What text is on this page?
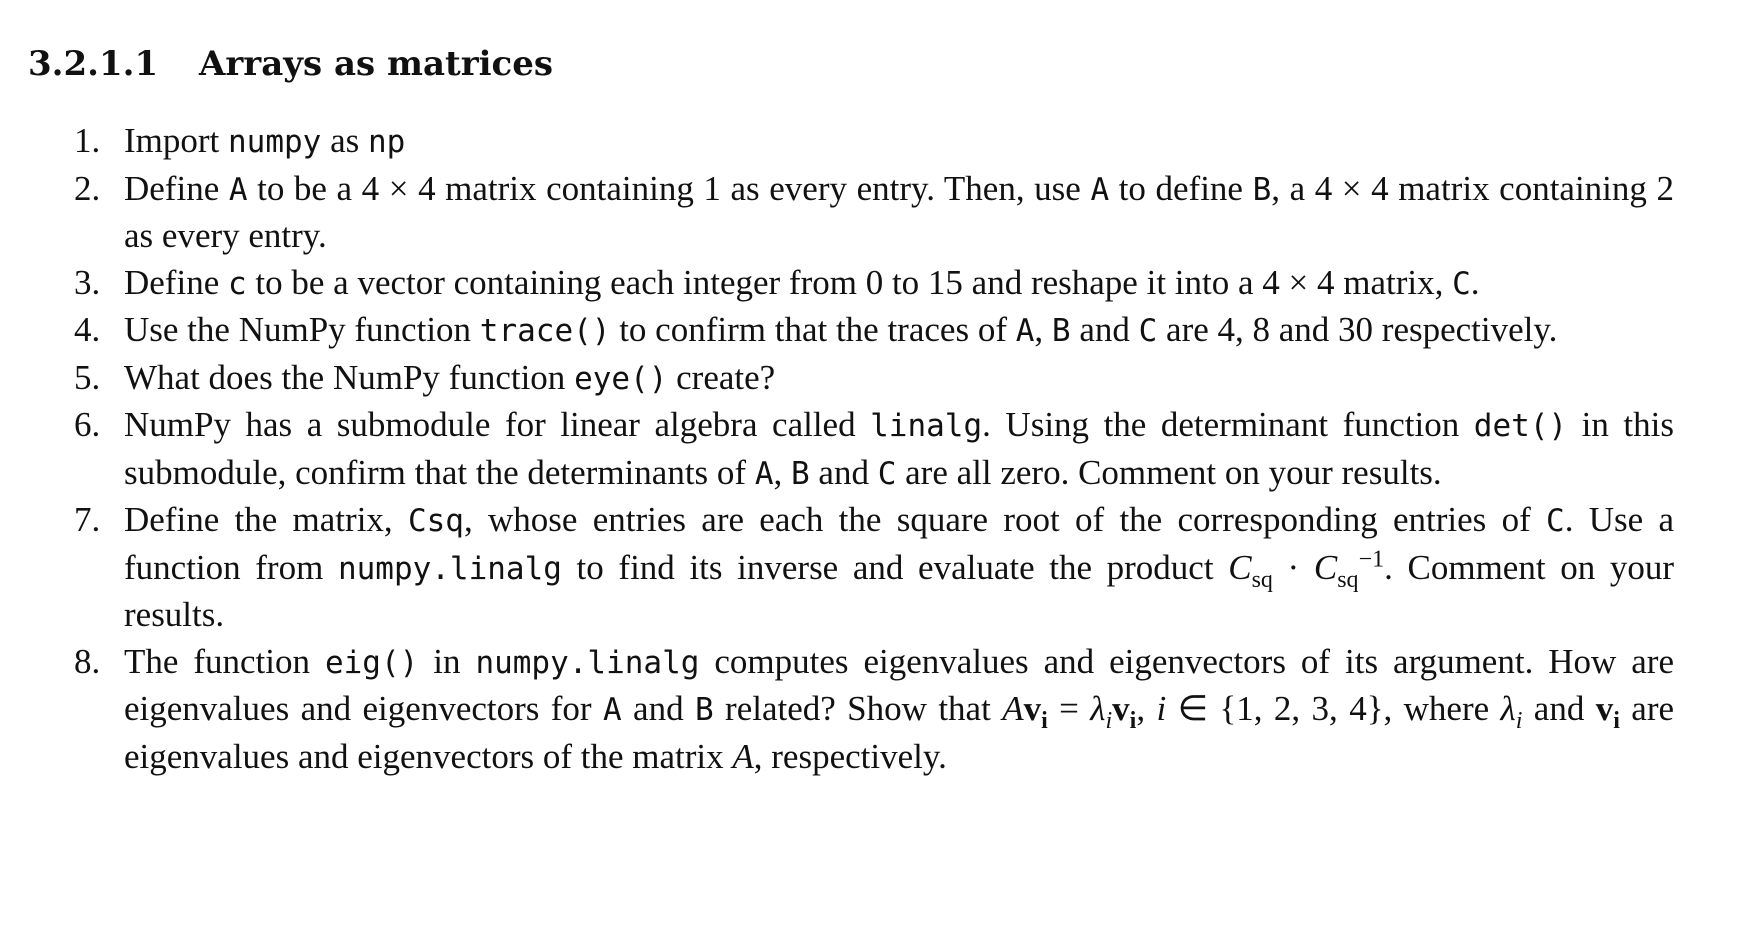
3.2.1.1 Arrays as matrices
1. Import numpy as np

2. Define A to be a 4 × 4 matrix containing 1 as every entry. Then, use A to define B, a 4 × 4 matrix containing 2 as every entry.

3. Define c to be a vector containing each integer from 0 to 15 and reshape it into a 4 × 4 matrix, C.

4. Use the NumPy function trace() to confirm that the traces of A, B and C are 4, 8 and 30 respectively.

5. What does the NumPy function eye() create?

6. NumPy has a submodule for linear algebra called linalg. Using the determinant function det() in this submodule, confirm that the determinants of A, B and C are all zero. Comment on your results.

7. Define the matrix, Csq, whose entries are each the square root of the corresponding entries of C. Use a function from numpy.linalg to find its inverse and evaluate the product $C_{sq} \cdot C_{sq}^{-1}$. Comment on your results.

8. The function eig() in numpy.linalg computes eigenvalues and eigenvectors of its argument. How are eigenvalues and eigenvectors for A and B related? Show that $Av_i = \lambda_iv_i$, i ∈ {1, 2, 3, 4}, where $\lambda_i$ and $v_i$ are eigenvalues and eigenvectors of the matrix A, respectively.
